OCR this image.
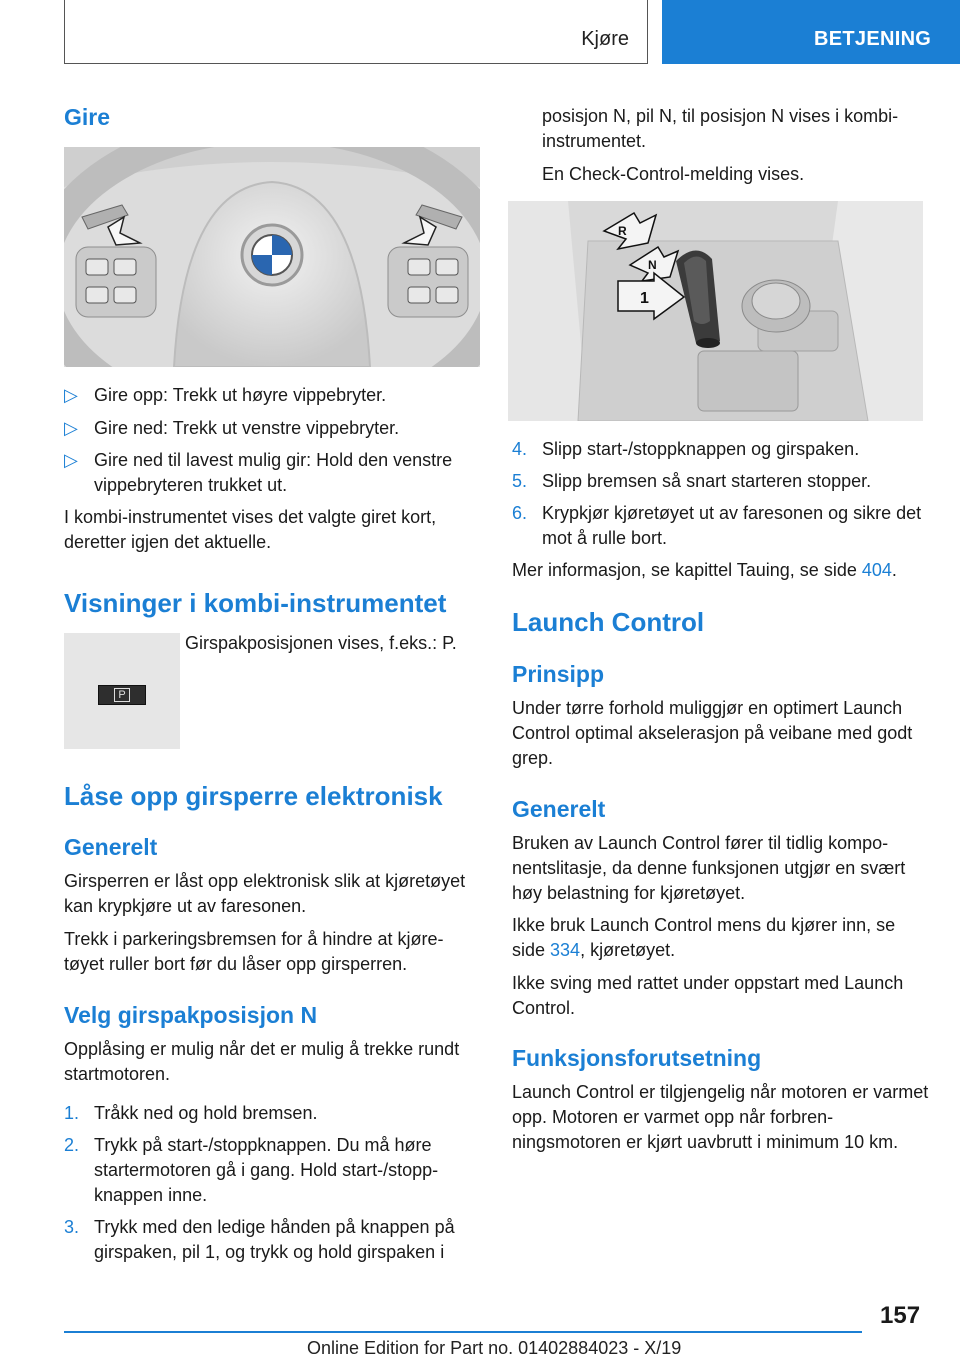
Kjøre	BETJENING
Gire
▷ Gire opp: Trekk ut høyre vippebryter.
▷ Gire ned: Trekk ut venstre vippebryter.
▷ Gire ned til lavest mulig gir: Hold den venstre vippebryteren trukket ut.

I kombi-instrumentet vises det valgte giret kort, deretter igjen det aktuelle.

Visninger i kombi‑instrumentet
P

Girspakposisjonen vises, f.eks.: P.

Låse opp girsperre elektronisk
Generelt

Girsperren er låst opp elektronisk slik at kjøretøyet kan krypkjøre ut av faresonen.

Trekk i parkeringsbremsen for å hindre at kjøretøyet ruller bort før du låser opp girsperren.

Velg girspakposisjon N

Opplåsing er mulig når det er mulig å trekke rundt startmotoren.

1. Tråkk ned og hold bremsen.
2. Trykk på start-/stoppknappen. Du må høre startermotoren gå i gang. Hold start-/stoppknappen inne.
3. Trykk med den ledige hånden på knappen på girspaken, pil 1, og trykk og hold girspaken i

posisjon N, pil N, til posisjon N vises i kombiinstrumentet.

En Check-Control-melding vises.

R
N
1
4. Slipp start-/stoppknappen og girspaken.
5. Slipp bremsen så snart starteren stopper.
6. Krypkjør kjøretøyet ut av faresonen og sikre det mot å rulle bort.

Mer informasjon, se kapittel Tauing, se side 404.

Launch Control
Prinsipp

Under tørre forhold muliggjør en optimert Launch Control optimal akselerasjon på veibane med godt grep.

Generelt

Bruken av Launch Control fører til tidlig komponentslitasje, da denne funksjonen utgjør en svært høy belastning for kjøretøyet.

Ikke bruk Launch Control mens du kjører inn, se side 334, kjøretøyet.

Ikke sving med rattet under oppstart med Launch Control.

Funksjonsforutsetning

Launch Control er tilgjengelig når motoren er varmet opp. Motoren er varmet opp når forbrenningsmotoren er kjørt uavbrutt i minimum 10 km.

157
Online Edition for Part no. 01402884023 - X/19
